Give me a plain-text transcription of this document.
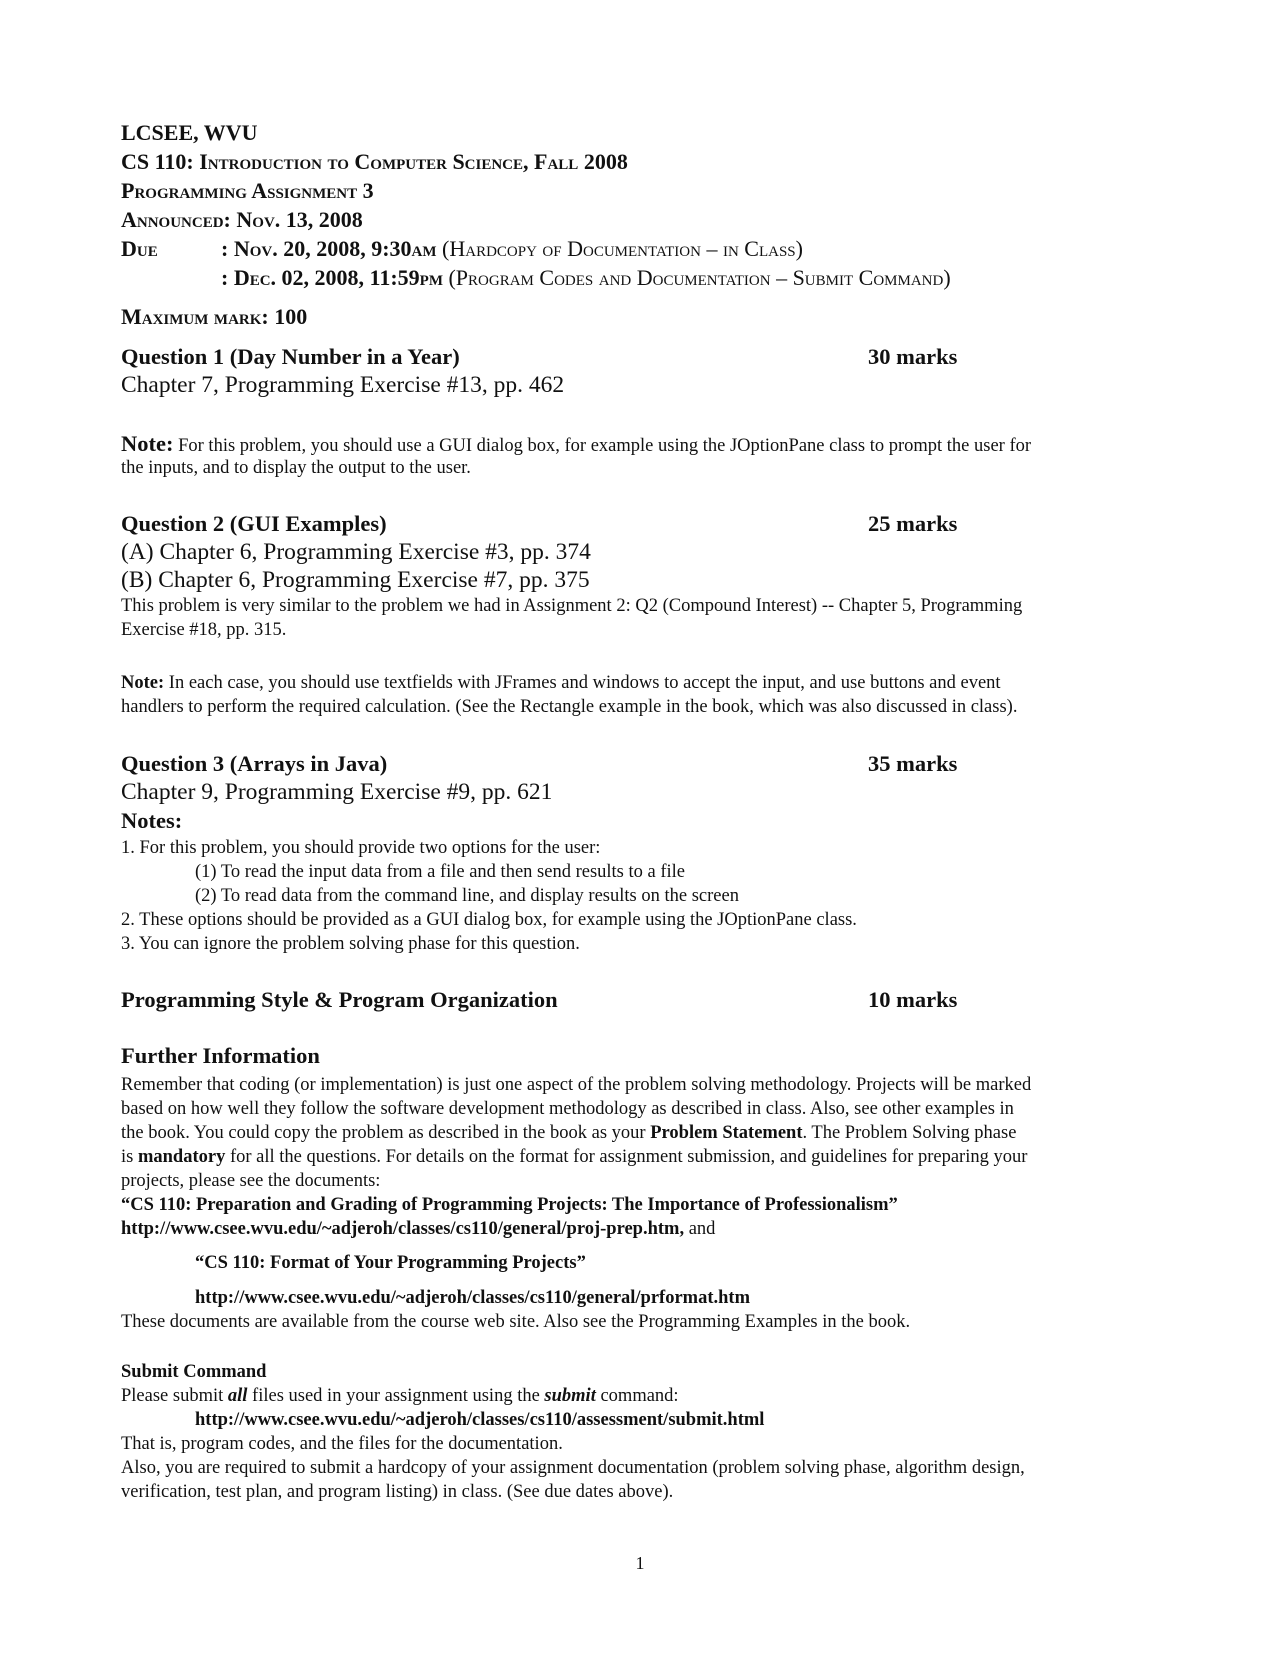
LCSEE, WVU
CS 110: Introduction to Computer Science, Fall 2008
Programming Assignment 3
Announced: Nov. 13, 2008
Due	: Nov. 20, 2008, 9:30am (Hardcopy of Documentation – in Class)
: Dec. 02, 2008, 11:59pm (Program Codes and Documentation – Submit Command)
Maximum mark: 100
Question 1 (Day Number in a Year)	30 marks
Chapter 7, Programming Exercise #13, pp. 462
Note: For this problem, you should use a GUI dialog box, for example using the JOptionPane class to prompt the user for
the inputs, and to display the output to the user.
Question 2 (GUI Examples)	25 marks
(A) Chapter 6, Programming Exercise #3, pp. 374
(B) Chapter 6, Programming Exercise #7, pp. 375
This problem is very similar to the problem we had in Assignment 2: Q2 (Compound Interest) -- Chapter 5, Programming
Exercise #18, pp. 315.
Note: In each case, you should use textfields with JFrames and windows to accept the input, and use buttons and event
handlers to perform the required calculation. (See the Rectangle example in the book, which was also discussed in class).
Question 3 (Arrays in Java)	35 marks
Chapter 9, Programming Exercise #9, pp. 621
Notes:
1. For this problem, you should provide two options for the user:
(1) To read the input data from a file and then send results to a file
(2) To read data from the command line, and display results on the screen
2. These options should be provided as a GUI dialog box, for example using the JOptionPane class.
3. You can ignore the problem solving phase for this question.
Programming Style & Program Organization	10 marks
Further Information
Remember that coding (or implementation) is just one aspect of the problem solving methodology. Projects will be marked
based on how well they follow the software development methodology as described in class. Also, see other examples in
the book. You could copy the problem as described in the book as your Problem Statement. The Problem Solving phase
is mandatory for all the questions. For details on the format for assignment submission, and guidelines for preparing your
projects, please see the documents:
“CS 110: Preparation and Grading of Programming Projects: The Importance of Professionalism”
http://www.csee.wvu.edu/~adjeroh/classes/cs110/general/proj-prep.htm, and
“CS 110: Format of Your Programming Projects”
http://www.csee.wvu.edu/~adjeroh/classes/cs110/general/prformat.htm
These documents are available from the course web site. Also see the Programming Examples in the book.
Submit Command
Please submit all files used in your assignment using the submit command:
http://www.csee.wvu.edu/~adjeroh/classes/cs110/assessment/submit.html
That is, program codes, and the files for the documentation.
Also, you are required to submit a hardcopy of your assignment documentation (problem solving phase, algorithm design,
verification, test plan, and program listing) in class. (See due dates above).
1
